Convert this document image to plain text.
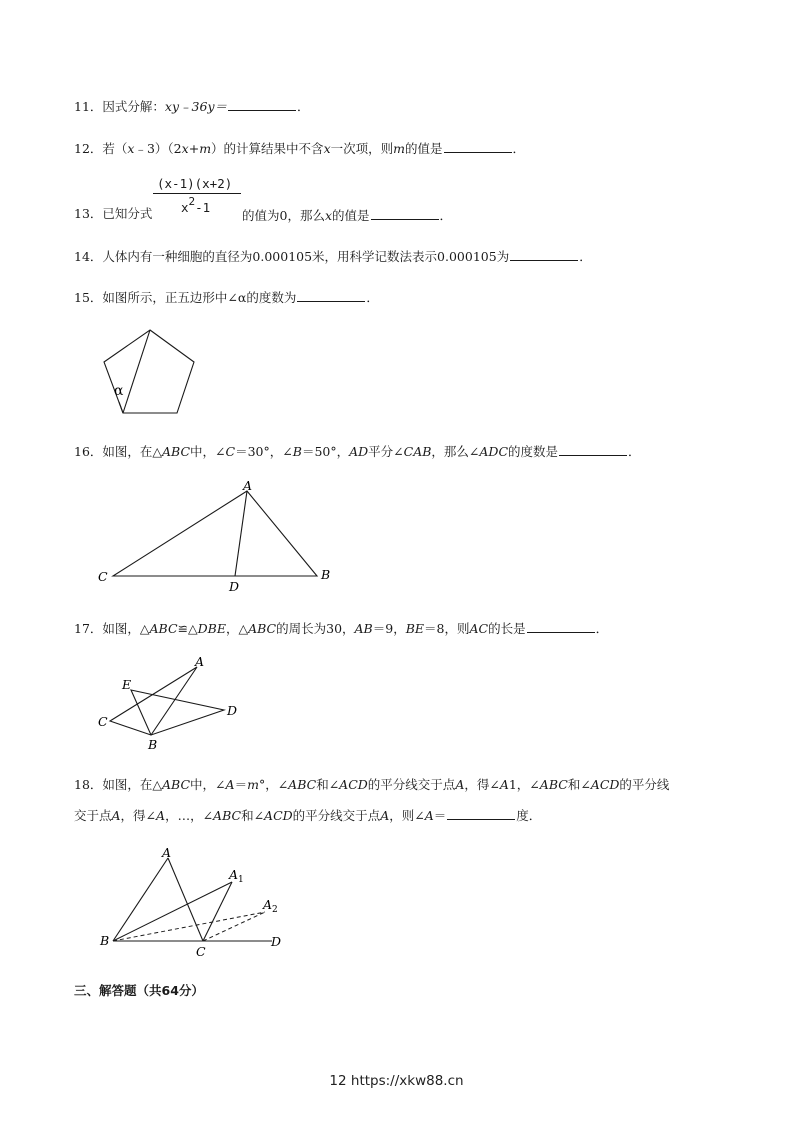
11．因式分解：xy﹣36y＝	．
12．若（x﹣3）（2x+m）的计算结果中不含x一次项，则m的值是	．
13．已知分式
(x-1)(x+2)
x2-1
的值为0，那么x的值是	．
14．人体内有一种细胞的直径为0.000105米，用科学记数法表示0.000105为	．
15．如图所示，正五边形中∠α的度数为	．
α
16．如图，在△ABC中，∠C＝30°，∠B＝50°，AD平分∠CAB，那么∠ADC的度数是	．
A
C	B
D
17．如图，△ABC≌△DBE，△ABC的周长为30，AB＝9，BE＝8，则AC的长是	．
A
E
C
D
B
18．如图，在△ABC中，∠A＝m°，∠ABC和∠ACD的平分线交于点A，得∠A1，∠ABC和∠ACD的平分线
交于点A，得∠A，…，∠ABC和∠ACD的平分线交于点A，则∠A＝	度．
A
A 1
A 2
B
C
D
三、解答题（共64分）
12 https://xkw88.cn
